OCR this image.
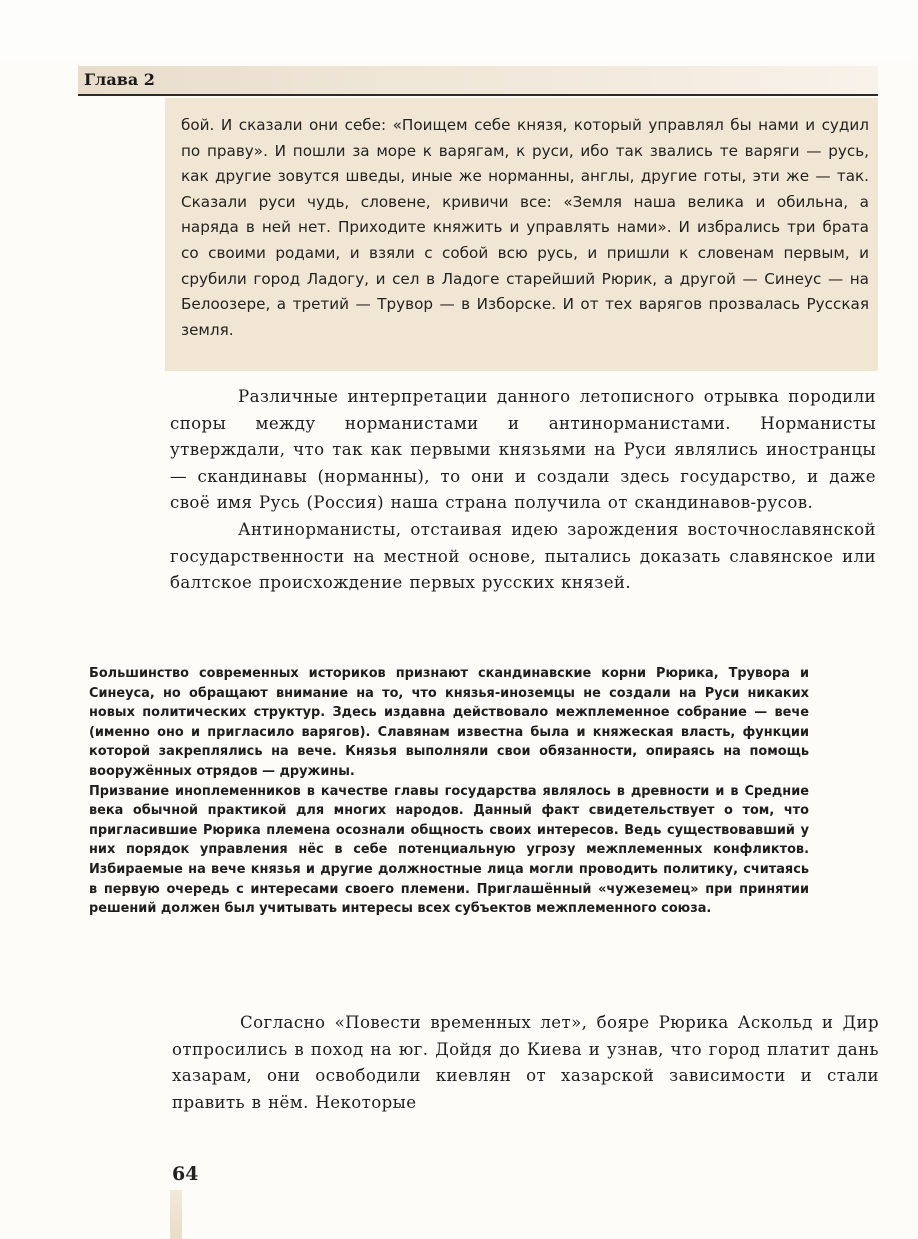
Глава 2

бой. И сказали они себе: «Поищем себе князя, который управлял бы нами и судил по праву». И пошли за море к варягам, к руси, ибо так звались те варяги — русь, как другие зовутся шведы, иные же норманны, англы, другие готы, эти же — так. Сказали руси чудь, словене, кривичи все: «Земля наша велика и обильна, а наряда в ней нет. Приходите княжить и управлять нами». И избрались три брата со своими родами, и взяли с собой всю русь, и пришли к словенам первым, и срубили город Ладогу, и сел в Ладоге старейший Рюрик, а другой — Синеус — на Белоозере, а третий — Трувор — в Изборске. И от тех варягов прозвалась Русская земля.

Различные интерпретации данного летописного отрывка породили споры между норманистами и антинорманистами. Норманисты утверждали, что так как первыми князьями на Руси являлись иностранцы — скандинавы (норманны), то они и создали здесь государство, и даже своё имя Русь (Россия) наша страна получила от скандинавов-русов.

Антинорманисты, отстаивая идею зарождения восточнославянской государственности на местной основе, пытались доказать славянское или балтское происхождение первых русских князей.

Большинство современных историков признают скандинавские корни Рюрика, Трувора и Синеуса, но обращают внимание на то, что князья-иноземцы не создали на Руси никаких новых политических структур. Здесь издавна действовало межплеменное собрание — вече (именно оно и пригласило варягов). Славянам известна была и княжеская власть, функции которой закреплялись на вече. Князья выполняли свои обязанности, опираясь на помощь вооружённых отрядов — дружины.

Призвание иноплеменников в качестве главы государства являлось в древности и в Средние века обычной практикой для многих народов. Данный факт свидетельствует о том, что пригласившие Рюрика племена осознали общность своих интересов. Ведь существовавший у них порядок управления нёс в себе потенциальную угрозу межплеменных конфликтов. Избираемые на вече князья и другие должностные лица могли проводить политику, считаясь в первую очередь с интересами своего племени. Приглашённый «чужеземец» при принятии решений должен был учитывать интересы всех субъектов межплеменного союза.

Согласно «Повести временных лет», бояре Рюрика Аскольд и Дир отпросились в поход на юг. Дойдя до Киева и узнав, что город платит дань хазарам, они освободили киевлян от хазарской зависимости и стали править в нём. Некоторые

64
